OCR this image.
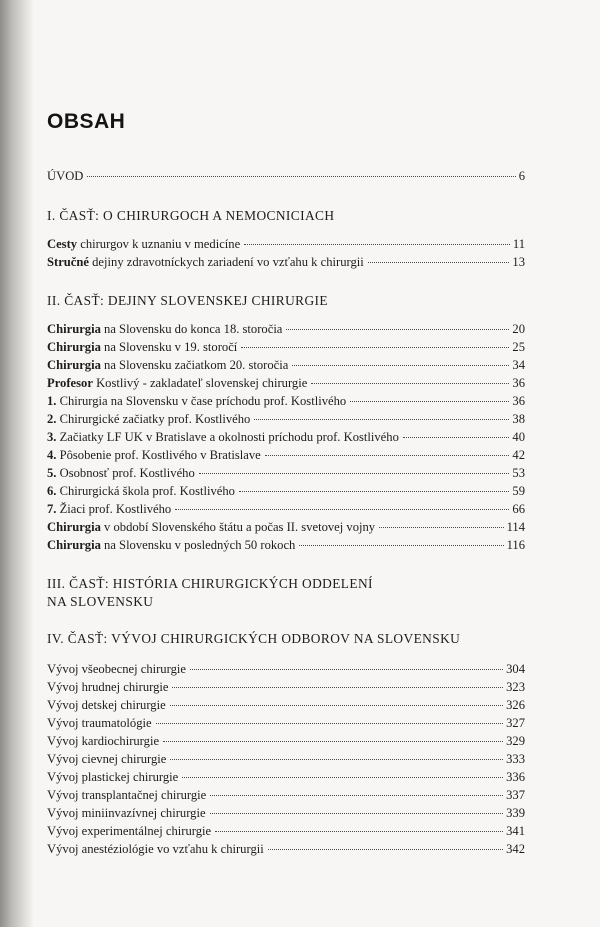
OBSAH
ÚVOD	6
I. ČASŤ: O CHIRURGOCH A NEMOCNICIACH
Cesty chirurgov k uznaniu v medicíne	11
Stručné dejiny zdravotníckych zariadení vo vzťahu k chirurgii	13
II. ČASŤ: DEJINY SLOVENSKEJ CHIRURGIE
Chirurgia na Slovensku do konca 18. storočia	20
Chirurgia na Slovensku v 19. storočí	25
Chirurgia na Slovensku začiatkom 20. storočia	34
Profesor Kostlivý - zakladateľ slovenskej chirurgie	36
1. Chirurgia na Slovensku v čase príchodu prof. Kostlivého	36
2. Chirurgické začiatky prof. Kostlivého	38
3. Začiatky LF UK v Bratislave a okolnosti príchodu prof. Kostlivého	40
4. Pôsobenie prof. Kostlivého v Bratislave	42
5. Osobnosť prof. Kostlivého	53
6. Chirurgická škola prof. Kostlivého	59
7. Žiaci prof. Kostlivého	66
Chirurgia v období Slovenského štátu a počas II. svetovej vojny	114
Chirurgia na Slovensku v posledných 50 rokoch	116
III. ČASŤ: HISTÓRIA CHIRURGICKÝCH ODDELENÍ
NA SLOVENSKU
IV. ČASŤ: VÝVOJ CHIRURGICKÝCH ODBOROV NA SLOVENSKU
Vývoj všeobecnej chirurgie	304
Vývoj hrudnej chirurgie	323
Vývoj detskej chirurgie	326
Vývoj traumatológie	327
Vývoj kardiochirurgie	329
Vývoj cievnej chirurgie	333
Vývoj plastickej chirurgie	336
Vývoj transplantačnej chirurgie	337
Vývoj miniinvazívnej chirurgie	339
Vývoj experimentálnej chirurgie	341
Vývoj anestéziológie vo vzťahu k chirurgii	342
